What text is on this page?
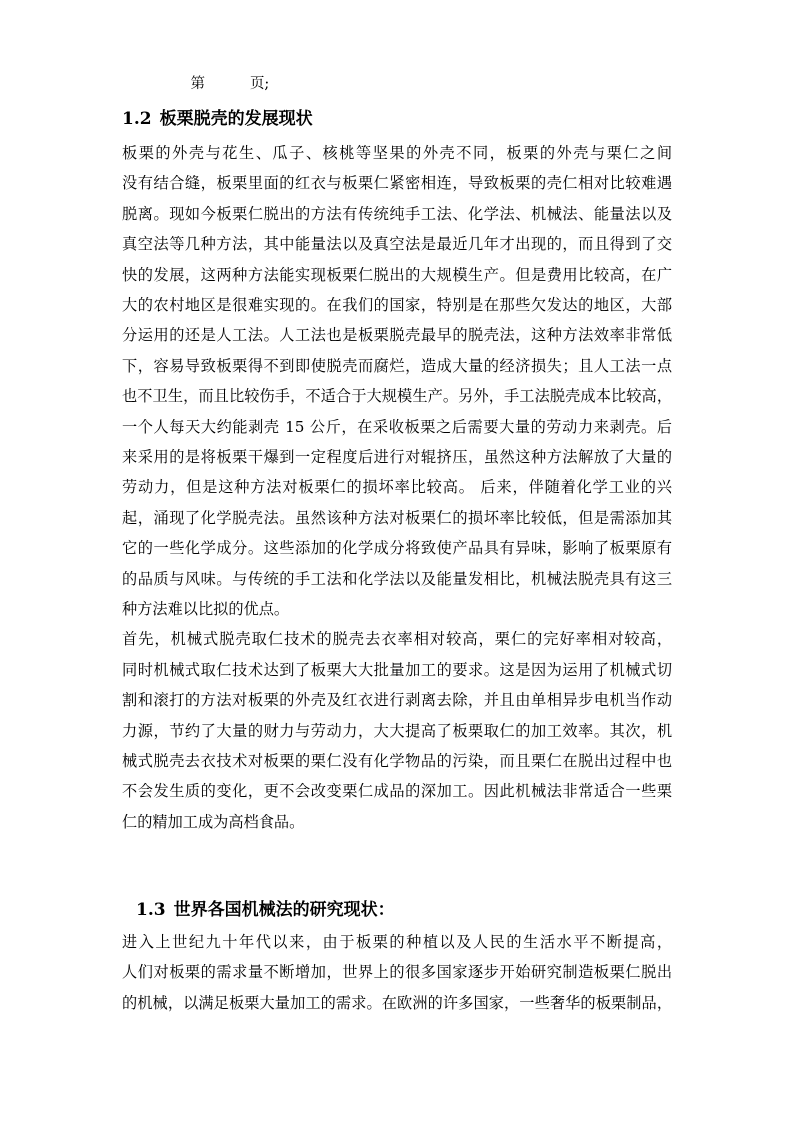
第	页;

1.2 板栗脱壳的发展现状
板栗的外壳与花生、瓜子、核桃等坚果的外壳不同，板栗的外壳与栗仁之间
没有结合缝，板栗里面的红衣与板栗仁紧密相连，导致板栗的壳仁相对比较难遇
脱离。现如今板栗仁脱出的方法有传统纯手工法、化学法、机械法、能量法以及
真空法等几种方法，其中能量法以及真空法是最近几年才出现的，而且得到了交
快的发展，这两种方法能实现板栗仁脱出的大规模生产。但是费用比较高，在广
大的农村地区是很难实现的。在我们的国家，特别是在那些欠发达的地区，大部
分运用的还是人工法。人工法也是板栗脱壳最早的脱壳法，这种方法效率非常低
下，容易导致板栗得不到即使脱壳而腐烂，造成大量的经济损失；且人工法一点
也不卫生，而且比较伤手，不适合于大规模生产。另外，手工法脱壳成本比较高，
一个人每天大约能剥壳 15 公斤，在采收板栗之后需要大量的劳动力来剥壳。后
来采用的是将板栗干爆到一定程度后进行对辊挤压，虽然这种方法解放了大量的
劳动力，但是这种方法对板栗仁的损坏率比较高。 后来，伴随着化学工业的兴
起，涌现了化学脱壳法。虽然该种方法对板栗仁的损坏率比较低，但是需添加其
它的一些化学成分。这些添加的化学成分将致使产品具有异味，影响了板栗原有
的品质与风味。与传统的手工法和化学法以及能量发相比，机械法脱壳具有这三
种方法难以比拟的优点。
首先，机械式脱壳取仁技术的脱壳去衣率相对较高，栗仁的完好率相对较高，
同时机械式取仁技术达到了板栗大大批量加工的要求。这是因为运用了机械式切
割和滚打的方法对板栗的外壳及红衣进行剥离去除，并且由单相异步电机当作动
力源，节约了大量的财力与劳动力，大大提高了板栗取仁的加工效率。其次，机
械式脱壳去衣技术对板栗的栗仁没有化学物品的污染，而且栗仁在脱出过程中也
不会发生质的变化，更不会改变栗仁成品的深加工。因此机械法非常适合一些栗
仁的精加工成为高档食品。
1.3 世界各国机械法的研究现状：
进入上世纪九十年代以来，由于板栗的种植以及人民的生活水平不断提高，
人们对板栗的需求量不断增加，世界上的很多国家逐步开始研究制造板栗仁脱出
的机械，以满足板栗大量加工的需求。在欧洲的许多国家，一些奢华的板栗制品，
